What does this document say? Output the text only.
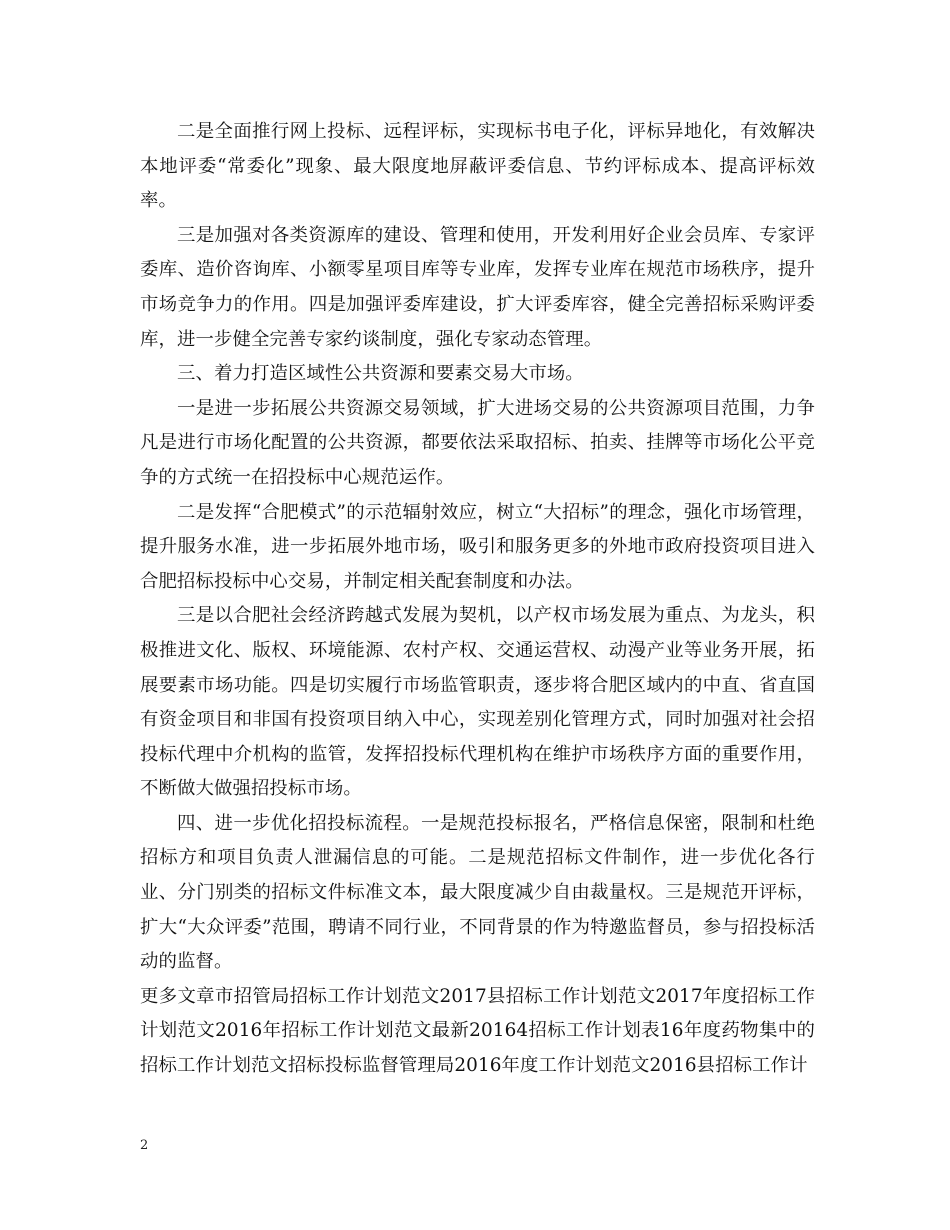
二是全面推行网上投标、远程评标，实现标书电子化，评标异地化，有效解决本地评委“常委化”现象、最大限度地屏蔽评委信息、节约评标成本、提高评标效率。

三是加强对各类资源库的建设、管理和使用，开发利用好企业会员库、专家评委库、造价咨询库、小额零星项目库等专业库，发挥专业库在规范市场秩序，提升市场竞争力的作用。四是加强评委库建设，扩大评委库容，健全完善招标采购评委库，进一步健全完善专家约谈制度，强化专家动态管理。

三、着力打造区域性公共资源和要素交易大市场。

一是进一步拓展公共资源交易领域，扩大进场交易的公共资源项目范围，力争凡是进行市场化配置的公共资源，都要依法采取招标、拍卖、挂牌等市场化公平竞争的方式统一在招投标中心规范运作。

二是发挥“合肥模式”的示范辐射效应，树立“大招标”的理念，强化市场管理，提升服务水准，进一步拓展外地市场，吸引和服务更多的外地市政府投资项目进入合肥招标投标中心交易，并制定相关配套制度和办法。

三是以合肥社会经济跨越式发展为契机，以产权市场发展为重点、为龙头，积极推进文化、版权、环境能源、农村产权、交通运营权、动漫产业等业务开展，拓展要素市场功能。四是切实履行市场监管职责，逐步将合肥区域内的中直、省直国有资金项目和非国有投资项目纳入中心，实现差别化管理方式，同时加强对社会招投标代理中介机构的监管，发挥招投标代理机构在维护市场秩序方面的重要作用，不断做大做强招投标市场。

四、进一步优化招投标流程。一是规范投标报名，严格信息保密，限制和杜绝招标方和项目负责人泄漏信息的可能。二是规范招标文件制作，进一步优化各行业、分门别类的招标文件标准文本，最大限度减少自由裁量权。三是规范开评标，扩大“大众评委”范围，聘请不同行业，不同背景的作为特邀监督员，参与招投标活动的监督。

更多文章市招管局招标工作计划范文2017县招标工作计划范文2017年度招标工作计划范文2016年招标工作计划范文最新20164招标工作计划表16年度药物集中的招标工作计划范文招标投标监督管理局2016年度工作计划范文2016县招标工作计

2
